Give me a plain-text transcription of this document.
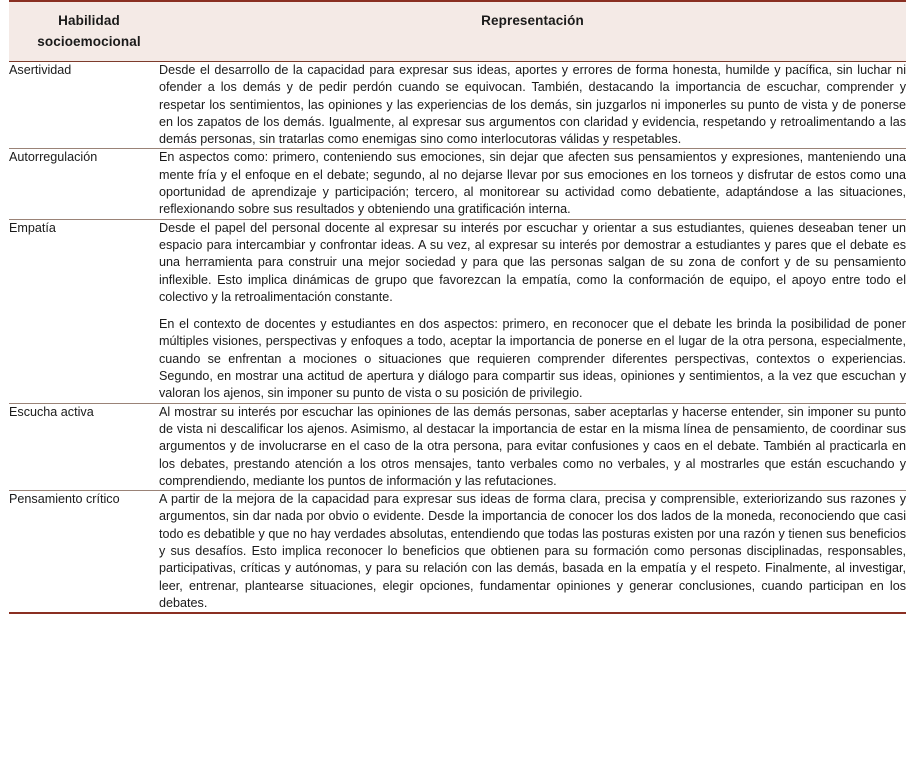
Habilidad socioemocional	Representación

Asertividad	Desde el desarrollo de la capacidad para expresar sus ideas, aportes y errores de forma honesta, humilde y pacífica, sin luchar ni ofender a los demás y de pedir perdón cuando se equivocan. También, destacando la importancia de escuchar, comprender y respetar los sentimientos, las opiniones y las experiencias de los demás, sin juzgarlos ni imponerles su punto de vista y de ponerse en los zapatos de los demás. Igualmente, al expresar sus argumentos con claridad y evidencia, respetando y retroalimentando a las demás personas, sin tratarlas como enemigas sino como interlocutoras válidas y respetables.

Autorregulación	En aspectos como: primero, conteniendo sus emociones, sin dejar que afecten sus pensamientos y expresiones, manteniendo una mente fría y el enfoque en el debate; segundo, al no dejarse llevar por sus emociones en los torneos y disfrutar de estos como una oportunidad de aprendizaje y participación; tercero, al monitorear su actividad como debatiente, adaptándose a las situaciones, reflexionando sobre sus resultados y obteniendo una gratificación interna.

Empatía	Desde el papel del personal docente al expresar su interés por escuchar y orientar a sus estudiantes, quienes deseaban tener un espacio para intercambiar y confrontar ideas. A su vez, al expresar su interés por demostrar a estudiantes y pares que el debate es una herramienta para construir una mejor sociedad y para que las personas salgan de su zona de confort y de su pensamiento inflexible. Esto implica dinámicas de grupo que favorezcan la empatía, como la conformación de equipo, el apoyo entre todo el colectivo y la retroalimentación constante.

En el contexto de docentes y estudiantes en dos aspectos: primero, en reconocer que el debate les brinda la posibilidad de poner múltiples visiones, perspectivas y enfoques a todo, aceptar la importancia de ponerse en el lugar de la otra persona, especialmente, cuando se enfrentan a mociones o situaciones que requieren comprender diferentes perspectivas, contextos o experiencias. Segundo, en mostrar una actitud de apertura y diálogo para compartir sus ideas, opiniones y sentimientos, a la vez que escuchan y valoran los ajenos, sin imponer su punto de vista o su posición de privilegio.

Escucha activa	Al mostrar su interés por escuchar las opiniones de las demás personas, saber aceptarlas y hacerse entender, sin imponer su punto de vista ni descalificar los ajenos. Asimismo, al destacar la importancia de estar en la misma línea de pensamiento, de coordinar sus argumentos y de involucrarse en el caso de la otra persona, para evitar confusiones y caos en el debate. También al practicarla en los debates, prestando atención a los otros mensajes, tanto verbales como no verbales, y al mostrarles que están escuchando y comprendiendo, mediante los puntos de información y las refutaciones.

Pensamiento crítico	A partir de la mejora de la capacidad para expresar sus ideas de forma clara, precisa y comprensible, exteriorizando sus razones y argumentos, sin dar nada por obvio o evidente. Desde la importancia de conocer los dos lados de la moneda, reconociendo que casi todo es debatible y que no hay verdades absolutas, entendiendo que todas las posturas existen por una razón y tienen sus beneficios y sus desafíos. Esto implica reconocer lo beneficios que obtienen para su formación como personas disciplinadas, responsables, participativas, críticas y autónomas, y para su relación con las demás, basada en la empatía y el respeto. Finalmente, al investigar, leer, entrenar, plantearse situaciones, elegir opciones, fundamentar opiniones y generar conclusiones, cuando participan en los debates.
